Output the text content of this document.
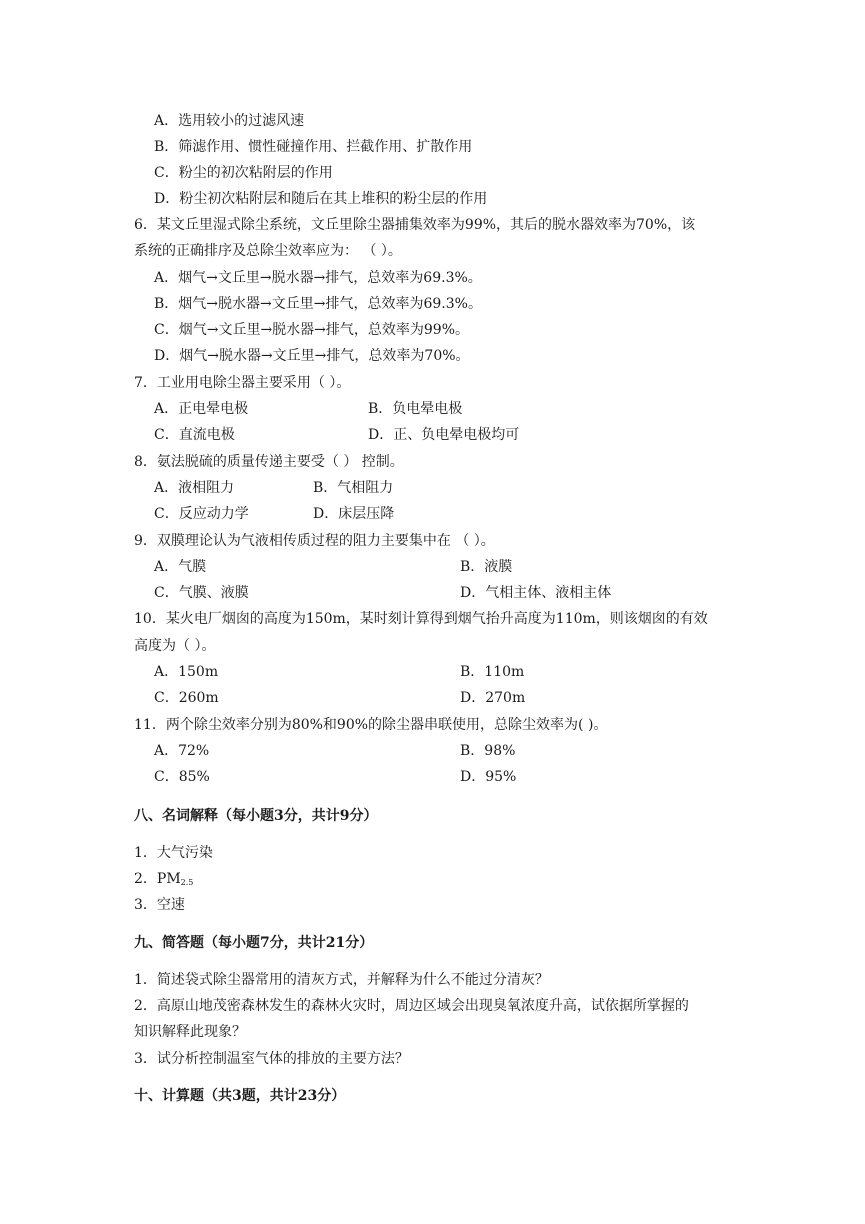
A．选用较小的过滤风速
B．筛滤作用、惯性碰撞作用、拦截作用、扩散作用
C．粉尘的初次粘附层的作用
D．粉尘初次粘附层和随后在其上堆积的粉尘层的作用
6．某文丘里湿式除尘系统，文丘里除尘器捕集效率为99%，其后的脱水器效率为70%，该
系统的正确排序及总除尘效率应为： （ ）。
A．烟气→文丘里→脱水器→排气，总效率为69.3%。
B．烟气→脱水器→文丘里→排气，总效率为69.3%。
C．烟气→文丘里→脱水器→排气，总效率为99%。
D．烟气→脱水器→文丘里→排气，总效率为70%。
7．工业用电除尘器主要采用（ ）。
A．正电晕电极	B．负电晕电极
C．直流电极	D．正、负电晕电极均可
8．氨法脱硫的质量传递主要受（ ） 控制。
A．液相阻力	B．气相阻力
C．反应动力学	D．床层压降
9．双膜理论认为气液相传质过程的阻力主要集中在 （ ）。
A．气膜	B．液膜
C．气膜、液膜	D．气相主体、液相主体
10．某火电厂烟囱的高度为150m，某时刻计算得到烟气抬升高度为110m，则该烟囱的有效
高度为（ ）。
A．150m	B．110m
C．260m	D．270m
11．两个除尘效率分别为80%和90%的除尘器串联使用，总除尘效率为( )。
A．72%	B．98%
C．85%	D．95%
八、名词解释（每小题3分，共计9分）
1．大气污染
2．$PM_{2.5}$
3．空速
九、简答题（每小题7分，共计21分）
1．简述袋式除尘器常用的清灰方式，并解释为什么不能过分清灰？
2．高原山地茂密森林发生的森林火灾时，周边区域会出现臭氧浓度升高，试依据所掌握的
知识解释此现象？
3．试分析控制温室气体的排放的主要方法？
十、计算题（共3题，共计23分）
